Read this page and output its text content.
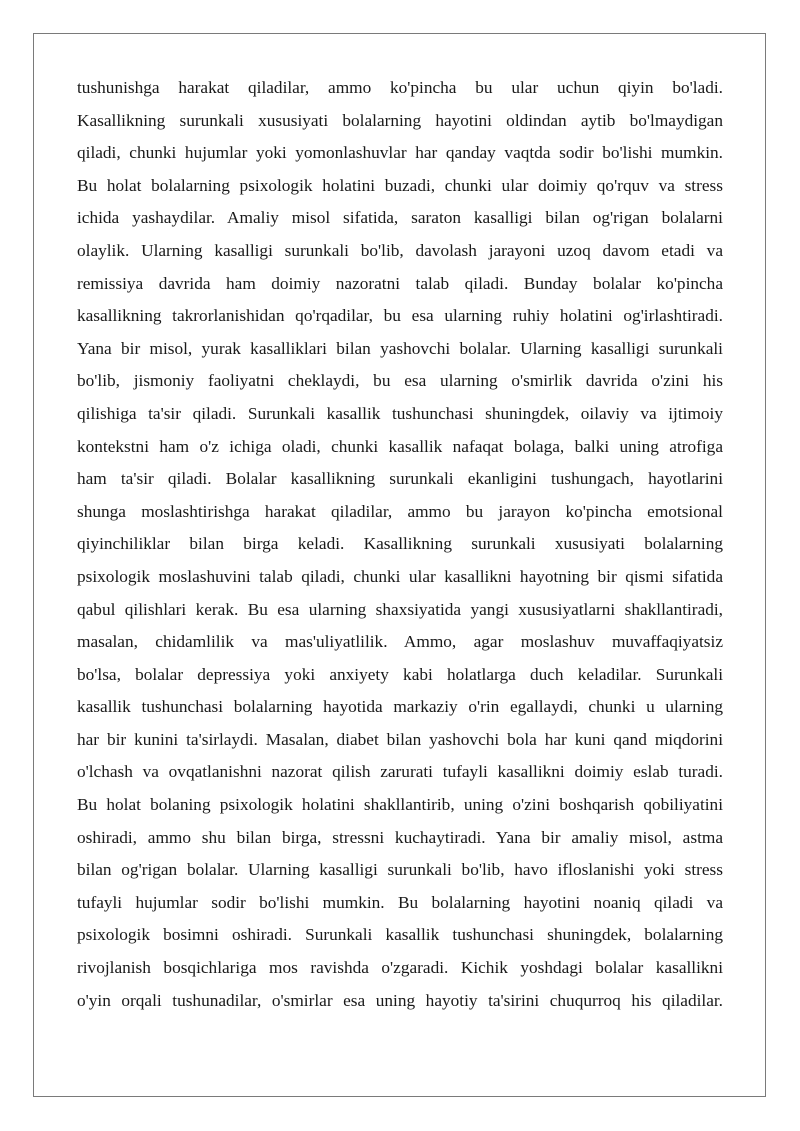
tushunishga harakat qiladilar, ammo ko'pincha bu ular uchun qiyin bo'ladi.
Kasallikning surunkali xususiyati bolalarning hayotini oldindan aytib bo'lmaydigan
qiladi, chunki hujumlar yoki yomonlashuvlar har qanday vaqtda sodir bo'lishi mumkin.
Bu holat bolalarning psixologik holatini buzadi, chunki ular doimiy qo'rquv va stress
ichida yashaydilar. Amaliy misol sifatida, saraton kasalligi bilan og'rigan bolalarni
olaylik. Ularning kasalligi surunkali bo'lib, davolash jarayoni uzoq davom etadi va
remissiya davrida ham doimiy nazoratni talab qiladi. Bunday bolalar ko'pincha
kasallikning takrorlanishidan qo'rqadilar, bu esa ularning ruhiy holatini og'irlashtiradi.
Yana bir misol, yurak kasalliklari bilan yashovchi bolalar. Ularning kasalligi surunkali
bo'lib, jismoniy faoliyatni cheklaydi, bu esa ularning o'smirlik davrida o'zini his
qilishiga ta'sir qiladi. Surunkali kasallik tushunchasi shuningdek, oilaviy va ijtimoiy
kontekstni ham o'z ichiga oladi, chunki kasallik nafaqat bolaga, balki uning atrofiga
ham ta'sir qiladi. Bolalar kasallikning surunkali ekanligini tushungach, hayotlarini
shunga moslashtirishga harakat qiladilar, ammo bu jarayon ko'pincha emotsional
qiyinchiliklar bilan birga keladi. Kasallikning surunkali xususiyati bolalarning
psixologik moslashuvini talab qiladi, chunki ular kasallikni hayotning bir qismi sifatida
qabul qilishlari kerak. Bu esa ularning shaxsiyatida yangi xususiyatlarni shakllantiradi,
masalan, chidamlilik va mas'uliyatlilik. Ammo, agar moslashuv muvaffaqiyatsiz
bo'lsa, bolalar depressiya yoki anxiyety kabi holatlarga duch keladilar. Surunkali
kasallik tushunchasi bolalarning hayotida markaziy o'rin egallaydi, chunki u ularning
har bir kunini ta'sirlaydi. Masalan, diabet bilan yashovchi bola har kuni qand miqdorini
o'lchash va ovqatlanishni nazorat qilish zarurati tufayli kasallikni doimiy eslab turadi.
Bu holat bolaning psixologik holatini shakllantirib, uning o'zini boshqarish qobiliyatini
oshiradi, ammo shu bilan birga, stressni kuchaytiradi. Yana bir amaliy misol, astma
bilan og'rigan bolalar. Ularning kasalligi surunkali bo'lib, havo ifloslanishi yoki stress
tufayli hujumlar sodir bo'lishi mumkin. Bu bolalarning hayotini noaniq qiladi va
psixologik bosimni oshiradi. Surunkali kasallik tushunchasi shuningdek, bolalarning
rivojlanish bosqichlariga mos ravishda o'zgaradi. Kichik yoshdagi bolalar kasallikni
o'yin orqali tushunadilar, o'smirlar esa uning hayotiy ta'sirini chuqurroq his qiladilar.
